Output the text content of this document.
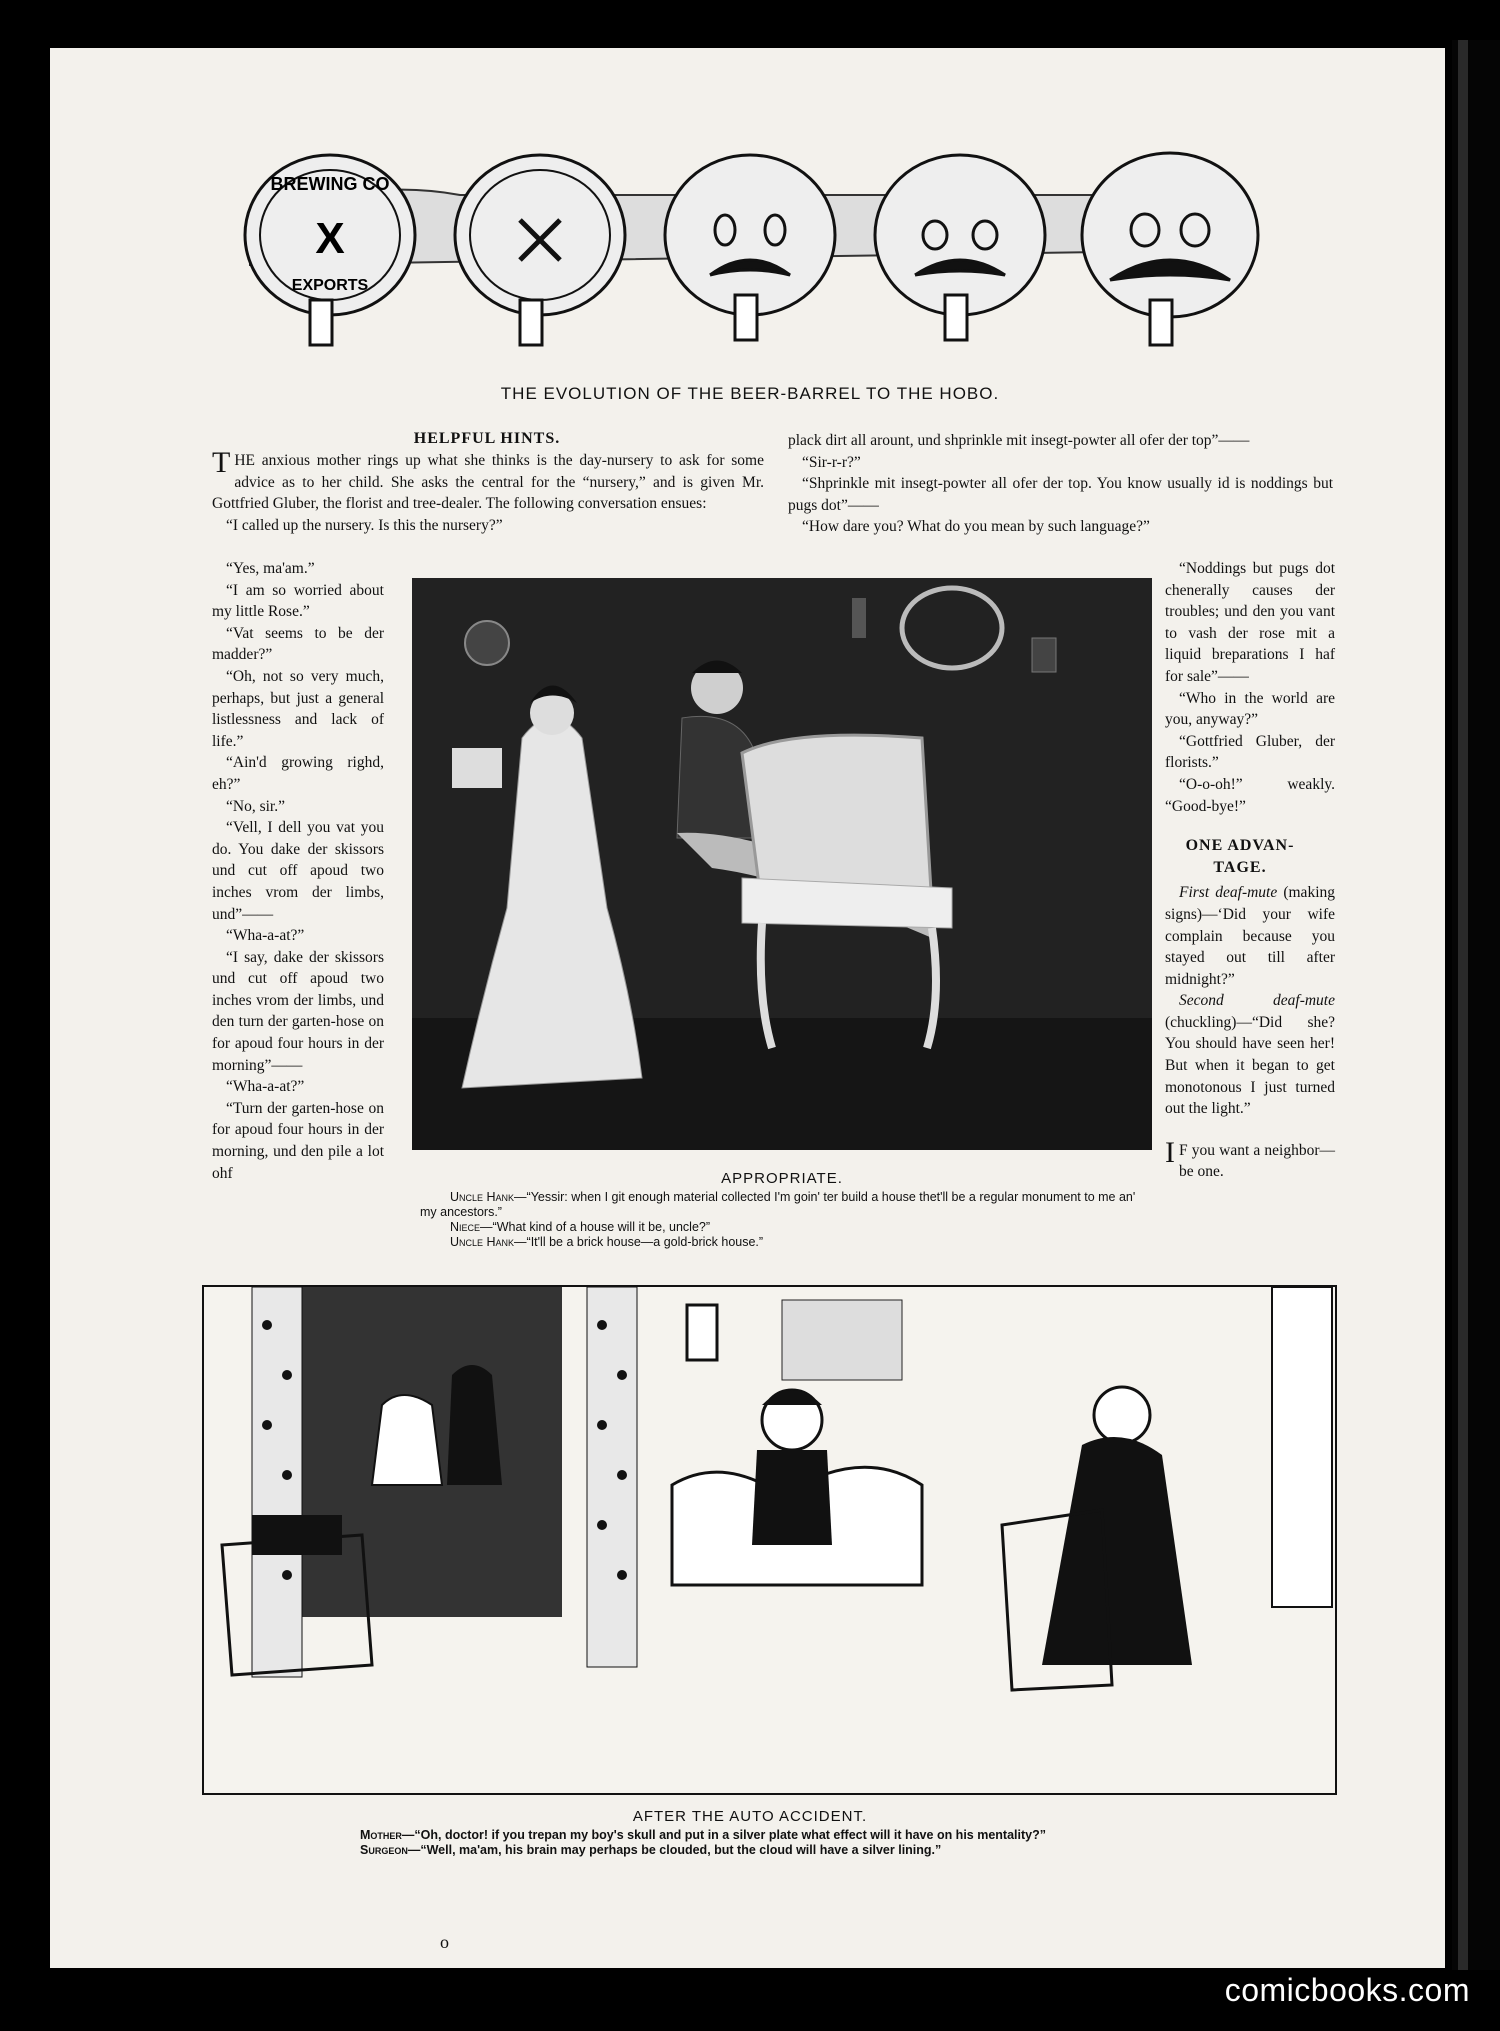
BREWING CO
X
EXPORTS
THE EVOLUTION OF THE BEER-BARREL TO THE HOBO.
HELPFUL HINTS.

THE anxious mother rings up what she thinks is the day-nursery to ask for some advice as to her child. She asks the central for the “nursery,” and is given Mr. Gottfried Gluber, the florist and tree-dealer. The following conversation ensues:

“I called up the nursery. Is this the nursery?”

“Yes, ma'am.”

“I am so worried about my little Rose.”

“Vat seems to be der madder?”

“Oh, not so very much, perhaps, but just a general listlessness and lack of life.”

“Ain'd growing righd, eh?”

“No, sir.”

“Vell, I dell you vat you do. You dake der skissors und cut off apoud two inches vrom der limbs, und”——

“Wha-a-at?”

“I say, dake der skissors und cut off apoud two inches vrom der limbs, und den turn der garten-hose on for apoud four hours in der morning”——

“Wha-a-at?”

“Turn der garten-hose on for apoud four hours in der morning, und den pile a lot ohf

plack dirt all arount, und shprinkle mit insegt-powter all ofer der top”——

“Sir-r-r?”

“Shprinkle mit insegt-powter all ofer der top. You know usually id is noddings but pugs dot”——

“How dare you? What do you mean by such language?”

“Noddings but pugs dot chenerally causes der troubles; und den you vant to vash der rose mit a liquid breparations I haf for sale”——

“Who in the world are you, anyway?”

“Gottfried Gluber, der florists.”

“O-o-oh!” weakly. “Good-bye!”

ONE ADVAN-TAGE.

First deaf-mute (making signs)—‘Did your wife complain because you stayed out till after midnight?”

Second deaf-mute (chuckling)—“Did she? You should have seen her! But when it began to get monotonous I just turned out the light.”

I F you want a neighbor—be one.

APPROPRIATE.
Uncle Hank—“Yessir: when I git enough material collected I'm goin' ter build a house thet'll be a regular monument to me an' my ancestors.”
Niece—“What kind of a house will it be, uncle?”
Uncle Hank—“It'll be a brick house—a gold-brick house.”
AFTER THE AUTO ACCIDENT.
Mother—“Oh, doctor! if you trepan my boy's skull and put in a silver plate what effect will it have on his mentality?”
Surgeon—“Well, ma'am, his brain may perhaps be clouded, but the cloud will have a silver lining.”
o
comicbooks.com
